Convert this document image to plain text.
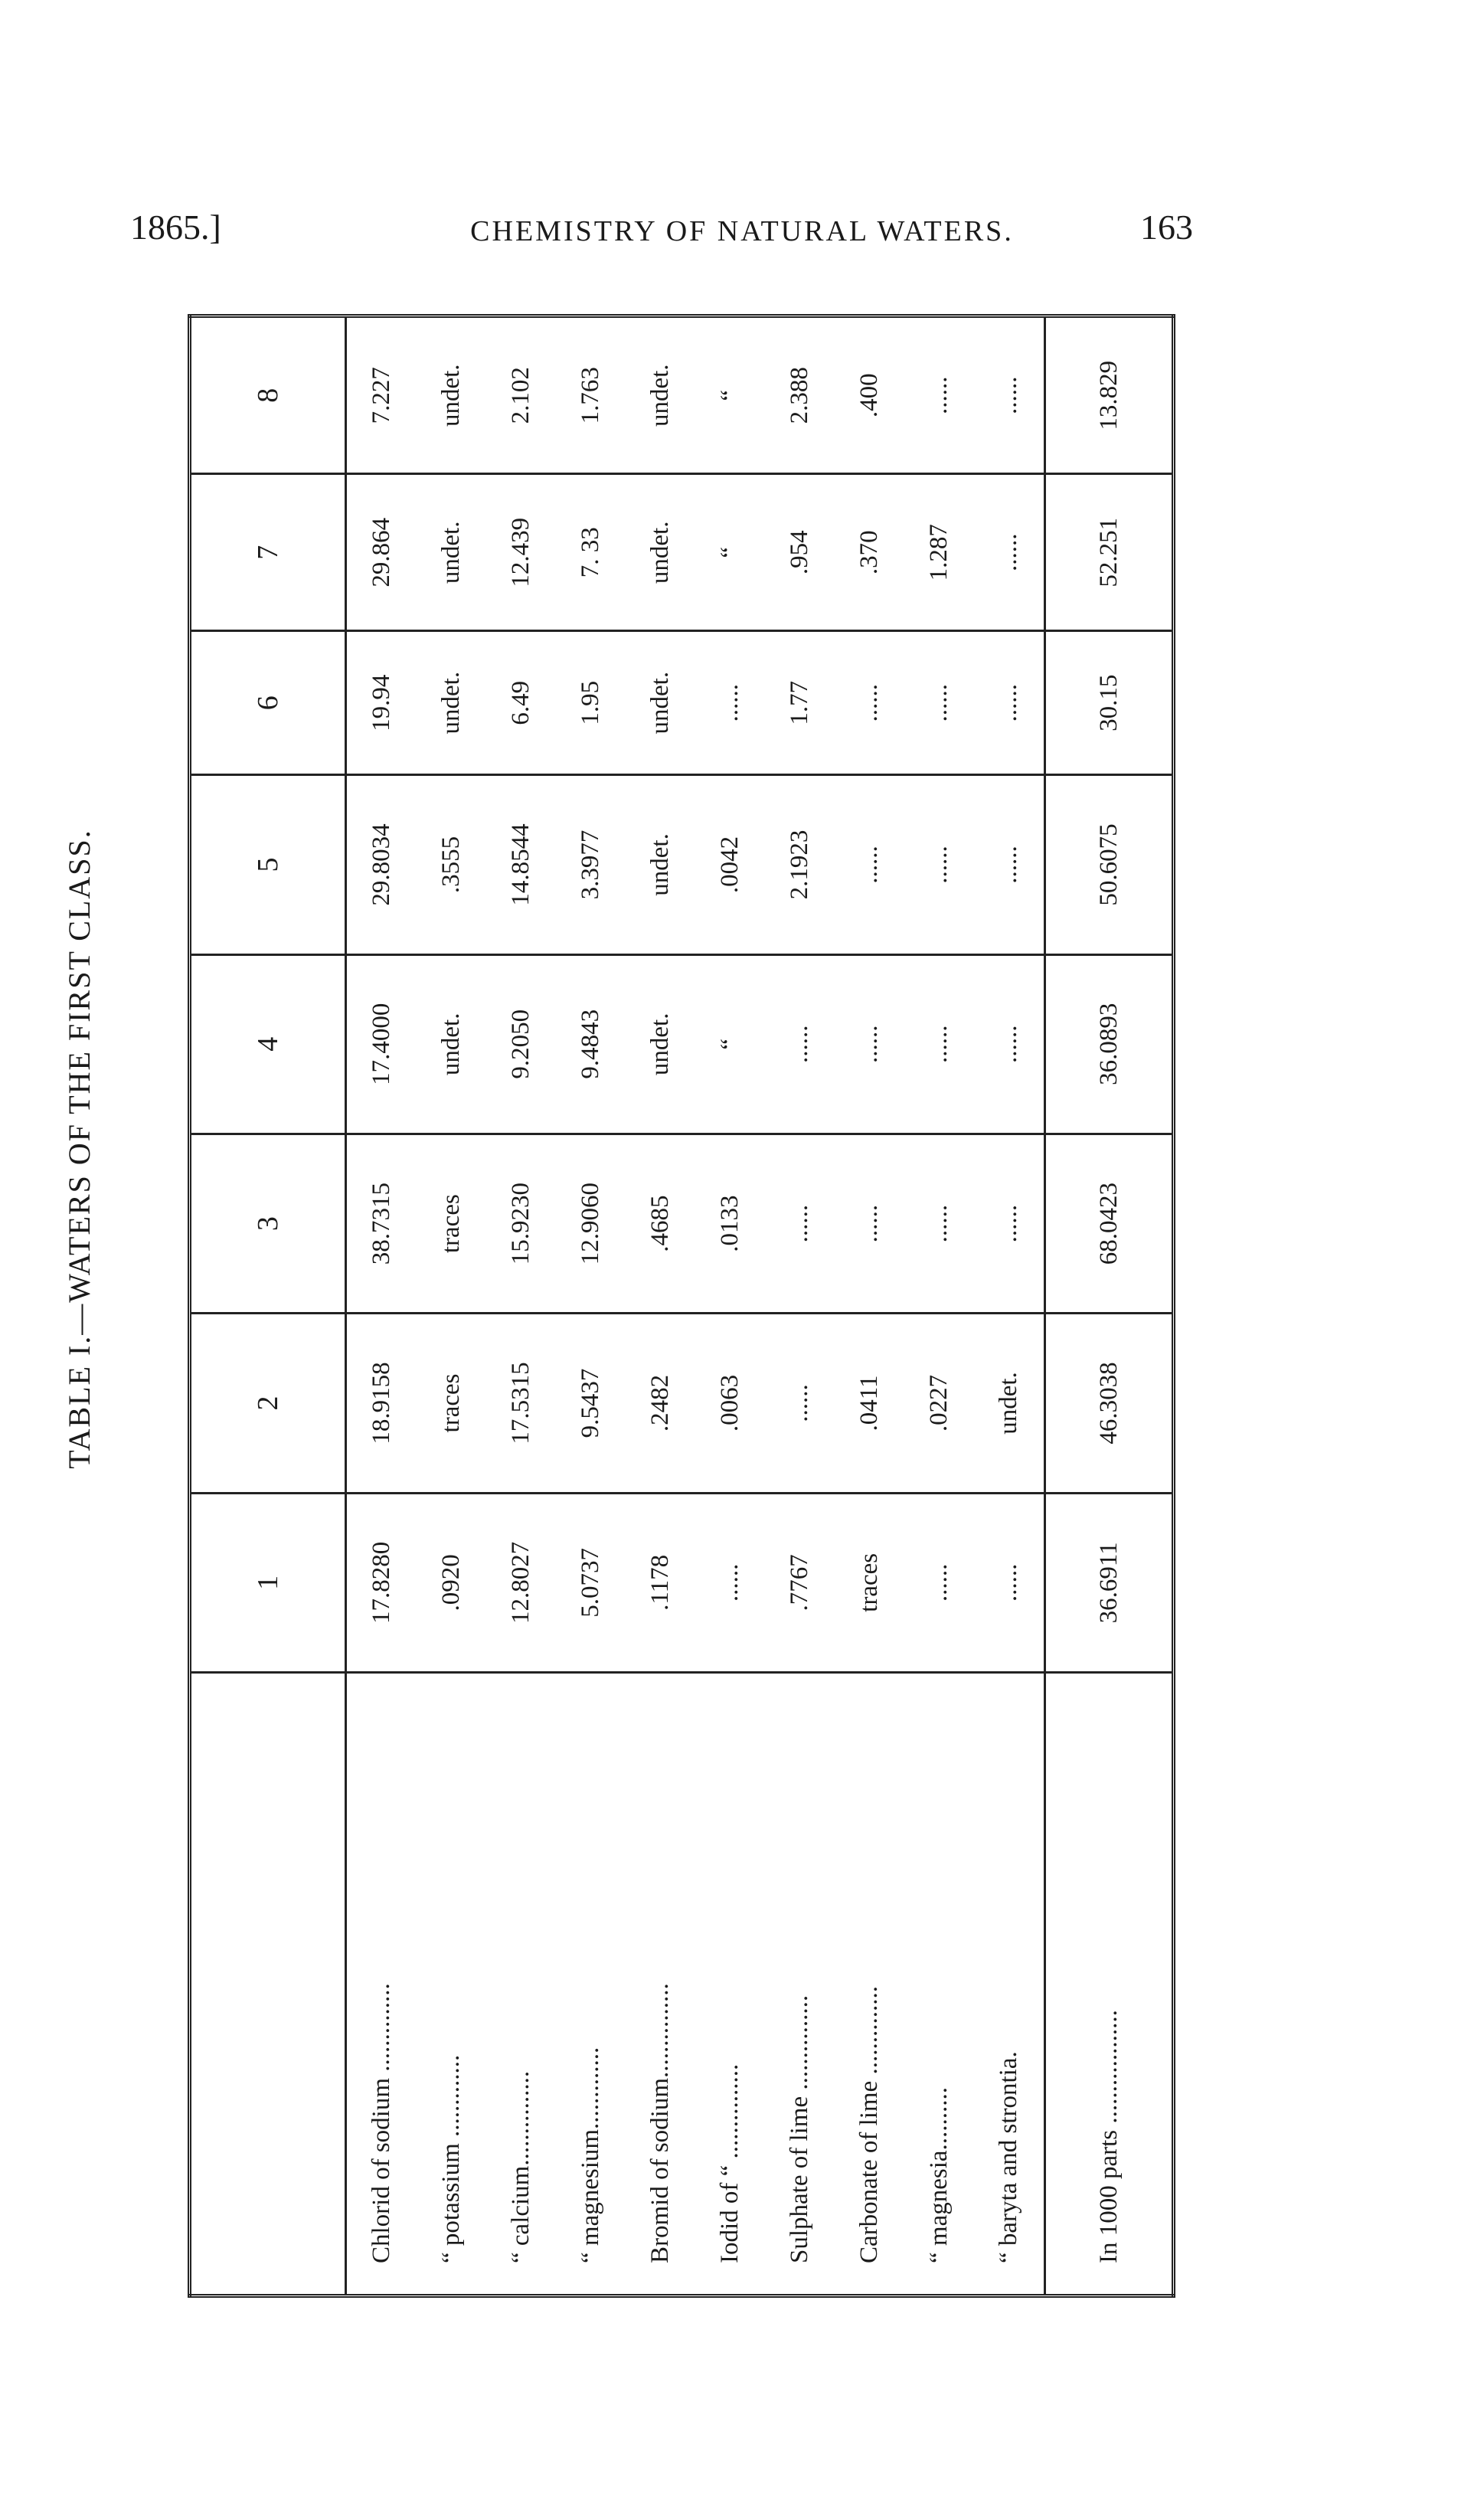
1865.]	CHEMISTRY OF NATURAL WATERS.	163
TABLE I.—WATERS OF THE FIRST CLASS.
	1	2	3	4	5	6	7	8
Chlorid of sodium ..............	17.8280	18.9158	38.7315	17.4000	29.8034	19.94	29.864	7.227
“ potassium .............	.0920	traces	traces	undet.	.3555	undet.	undet.	undet.
“ calcium...............	12.8027	17.5315	15.9230	9.2050	14.8544	6.49	12.439	2.102
“ magnesium.............	5.0737	9.5437	12.9060	9.4843	3.3977	1.95	7. 33	1.763
Bromid of sodium...............	.1178	.2482	.4685	undet.	undet.	undet.	undet.	undet.
Iodid of “ ...............	......	.0063	.0133	“	.0042	......	“	“
Sulphate of lime ...............	.7767	......	......	......	2.1923	1.77	.954	2.388
Carbonate of lime ..............	traces	.0411	......	......	......	......	.370	.400
“ magnesia..........	......	.0227	......	......	......	......	1.287	......
“ baryta and strontia.	......	undet.	......	......	......	......	......	......
In 1000 parts ..................	36.6911	46.3038	68.0423	36.0893	50.6075	30.15	52.251	13.829
